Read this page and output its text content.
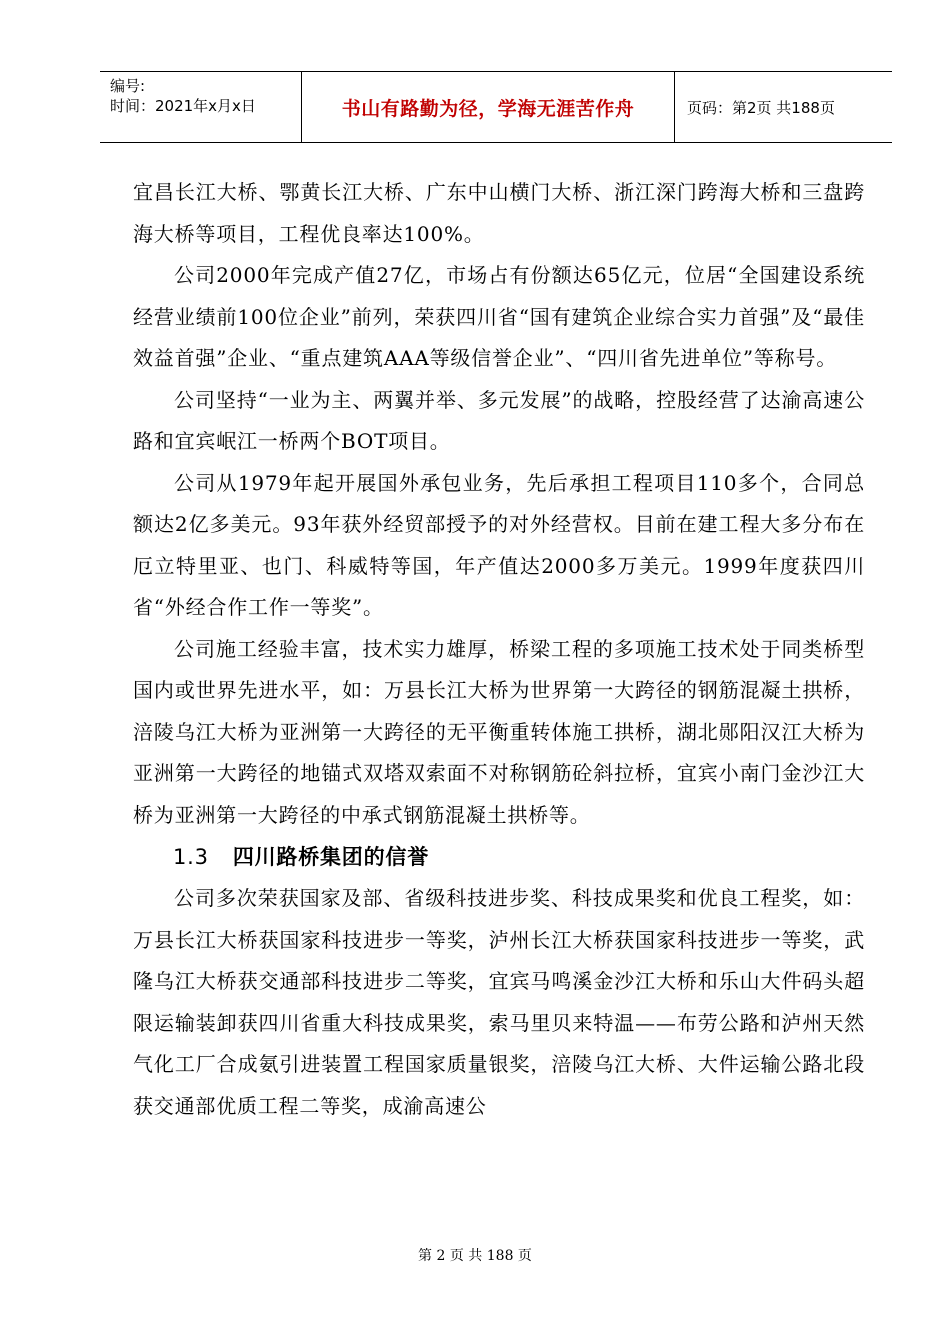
编号:
时间：2021年x月x日	书山有路勤为径，学海无涯苦作舟	页码：第2页 共188页

宜昌长江大桥、鄂黄长江大桥、广东中山横门大桥、浙江深门跨海大桥和三盘跨海大桥等项目，工程优良率达100%。

公司2000年完成产值27亿，市场占有份额达65亿元，位居“全国建设系统经营业绩前100位企业”前列，荣获四川省“国有建筑企业综合实力首强”及“最佳效益首强”企业、“重点建筑AAA等级信誉企业”、“四川省先进单位”等称号。

公司坚持“一业为主、两翼并举、多元发展”的战略，控股经营了达渝高速公路和宜宾岷江一桥两个BOT项目。

公司从1979年起开展国外承包业务，先后承担工程项目110多个，合同总额达2亿多美元。93年获外经贸部授予的对外经营权。目前在建工程大多分布在厄立特里亚、也门、科威特等国，年产值达2000多万美元。1999年度获四川省“外经合作工作一等奖”。

公司施工经验丰富，技术实力雄厚，桥梁工程的多项施工技术处于同类桥型国内或世界先进水平，如：万县长江大桥为世界第一大跨径的钢筋混凝土拱桥，涪陵乌江大桥为亚洲第一大跨径的无平衡重转体施工拱桥，湖北郧阳汉江大桥为亚洲第一大跨径的地锚式双塔双索面不对称钢筋砼斜拉桥，宜宾小南门金沙江大桥为亚洲第一大跨径的中承式钢筋混凝土拱桥等。

1.3 四川路桥集团的信誉

公司多次荣获国家及部、省级科技进步奖、科技成果奖和优良工程奖，如：万县长江大桥获国家科技进步一等奖，泸州长江大桥获国家科技进步一等奖，武隆乌江大桥获交通部科技进步二等奖，宜宾马鸣溪金沙江大桥和乐山大件码头超限运输装卸获四川省重大科技成果奖，索马里贝来特温——布劳公路和泸州天然气化工厂合成氨引进装置工程国家质量银奖，涪陵乌江大桥、大件运输公路北段获交通部优质工程二等奖，成渝高速公

第 2 页 共 188 页
